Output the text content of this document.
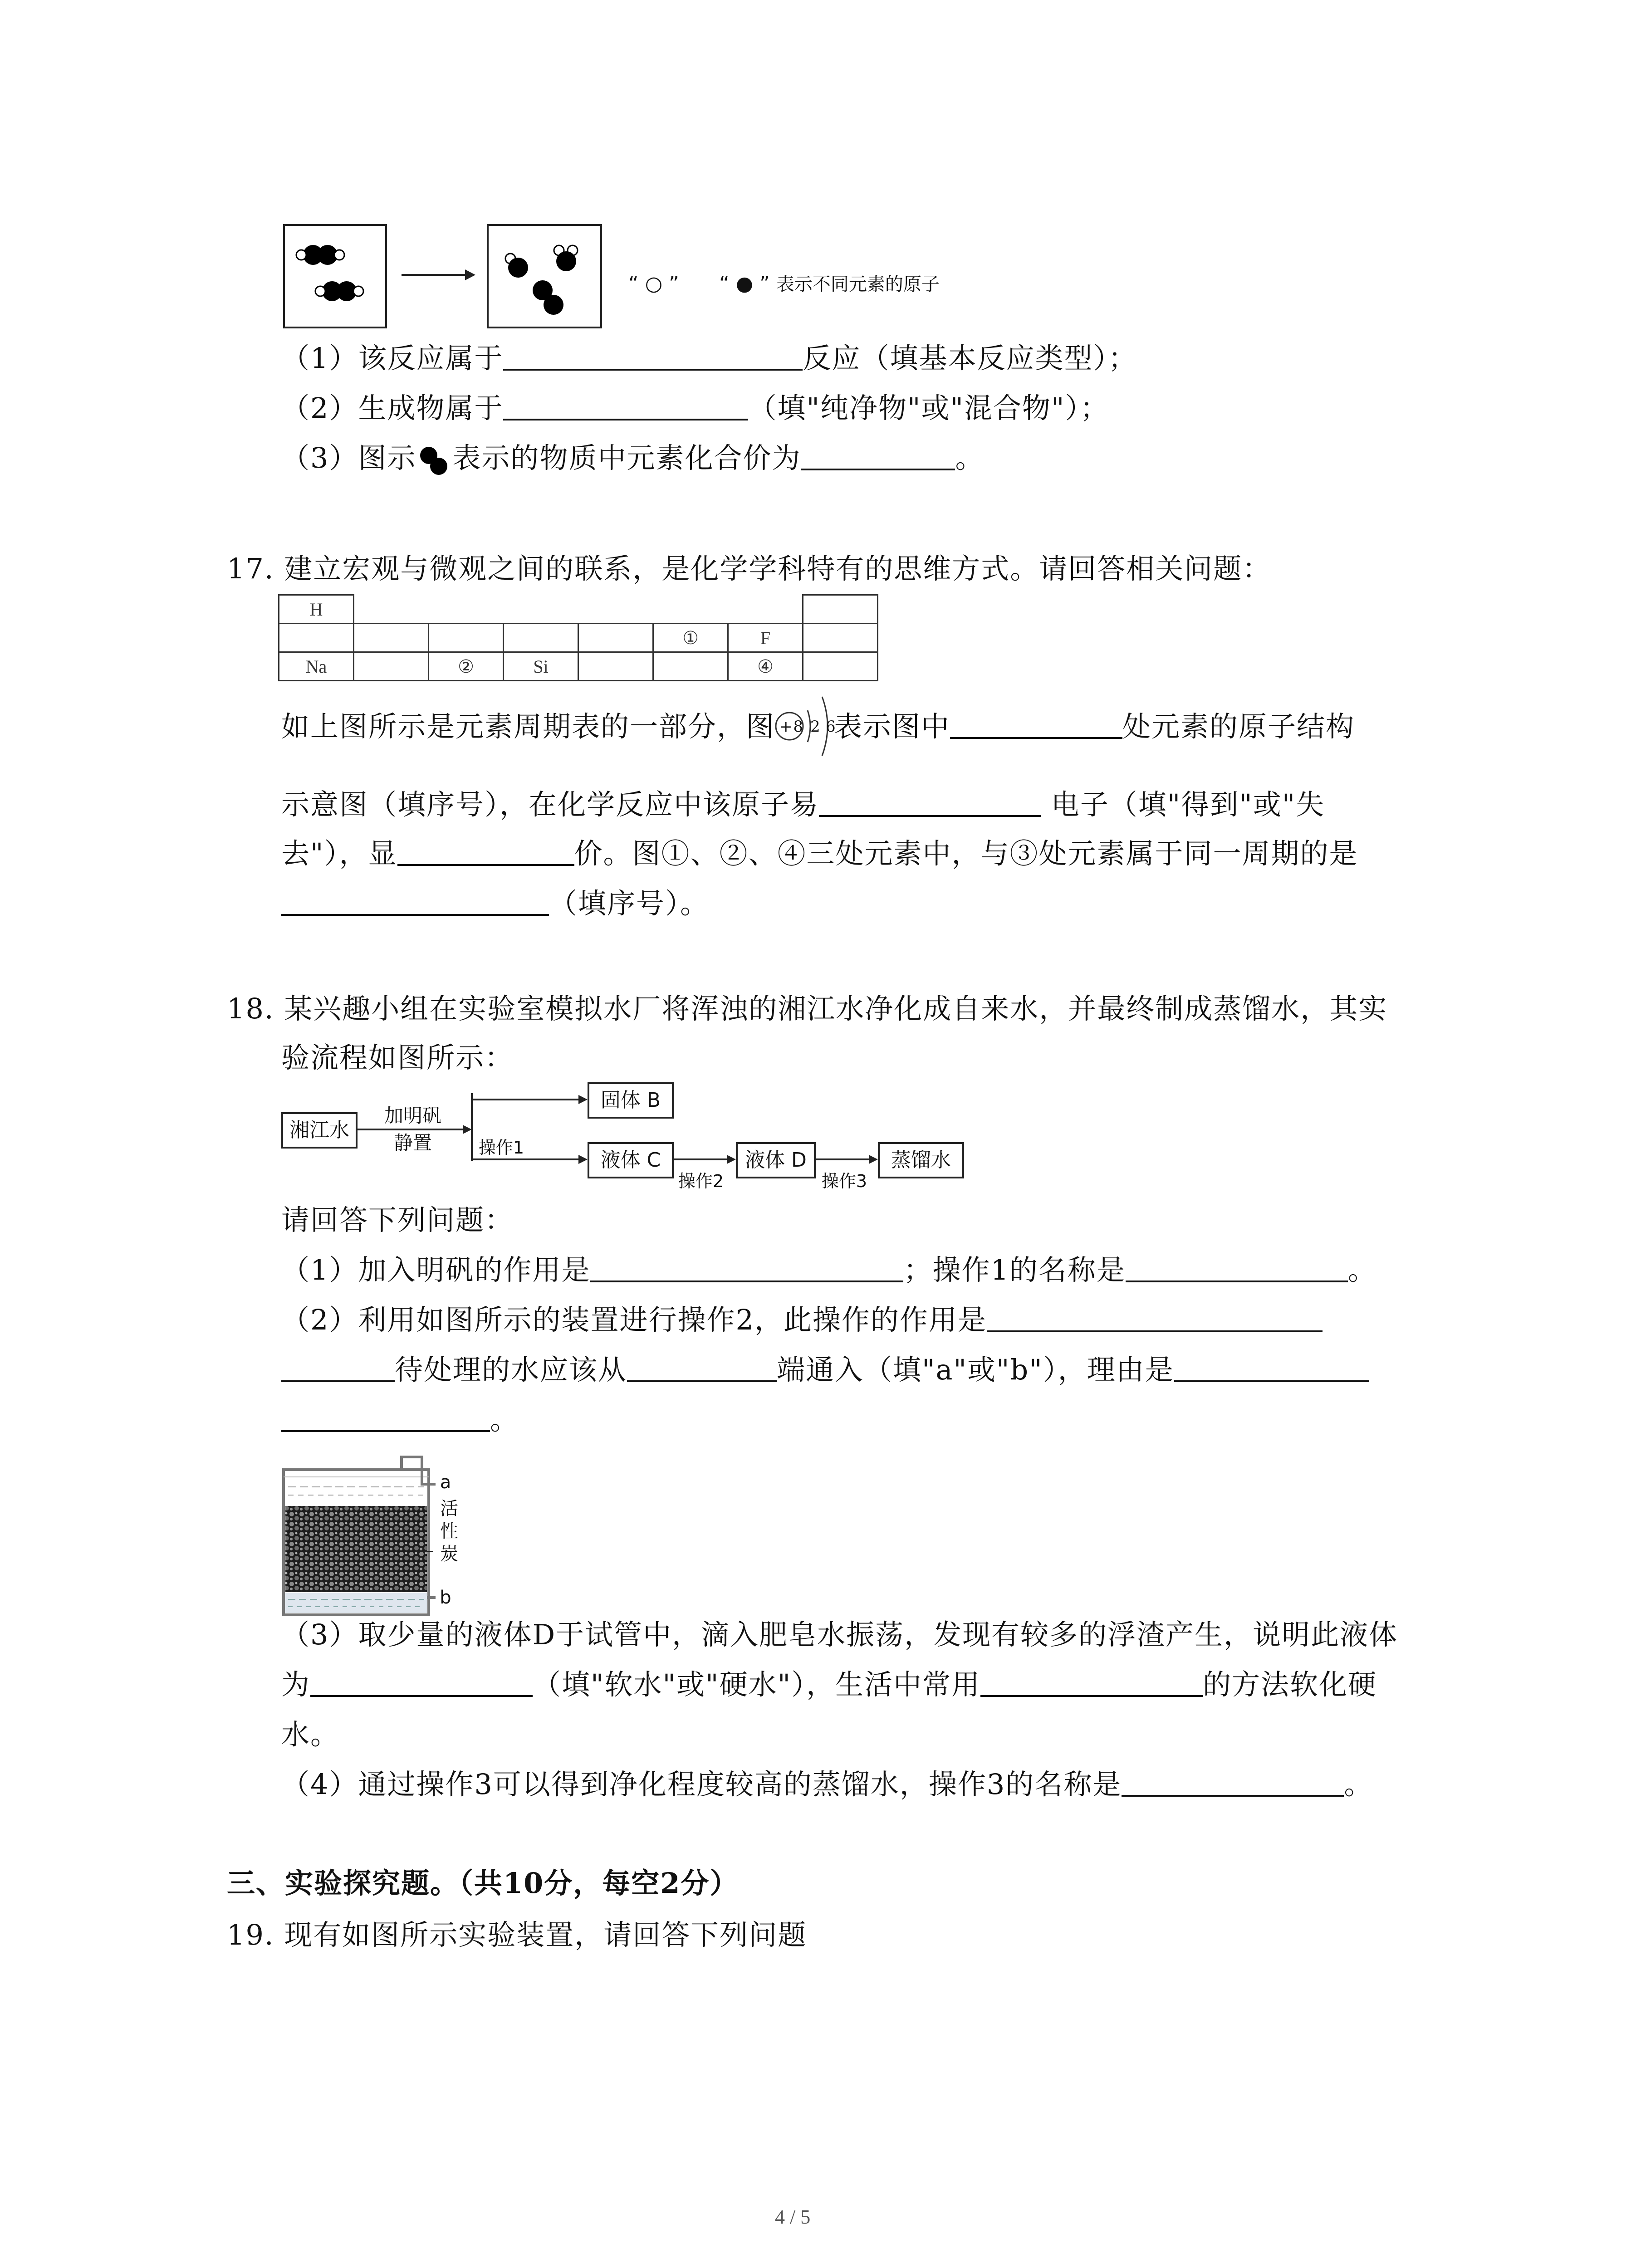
“ ○ ” “ ● ” 表示不同元素的原子
（1）该反应属于	反应（填基本反应类型）；
（2）生成物属于	（填"纯净物"或"混合物"）；
（3）图示 表示的物质中元素化合价为	。
17. 建立宏观与微观之间的联系，是化学学科特有的思维方式。请回答相关问题：
H							
					①	F	
Na		②	Si			④	
如上图所示是元素周期表的一部分，图 +8 2 6
表示图中	处元素的原子结构
示意图（填序号），在化学反应中该原子易	电子（填"得到"或"失
去"），显	价。图①、②、④三处元素中，与③处元素属于同一周期的是
（填序号）。
18. 某兴趣小组在实验室模拟水厂将浑浊的湘江水净化成自来水，并最终制成蒸馏水，其实
验流程如图所示：
湘江水
加明矾
静置	操作1
固体 B
液体 C
操作2
液体 D
操作3
蒸馏水
请回答下列问题：
（1）加入明矾的作用是	；操作1的名称是	。
（2）利用如图所示的装置进行操作2，此操作的作用是
待处理的水应该从	端通入（填"a"或"b"），理由是
。
a
活
性
炭
b
（3）取少量的液体D于试管中，滴入肥皂水振荡，发现有较多的浮渣产生，说明此液体
为	（填"软水"或"硬水"），生活中常用	的方法软化硬
水。
（4）通过操作3可以得到净化程度较高的蒸馏水，操作3的名称是	。
三、实验探究题。（共10分，每空2分）
19. 现有如图所示实验装置，请回答下列问题
4 / 5
